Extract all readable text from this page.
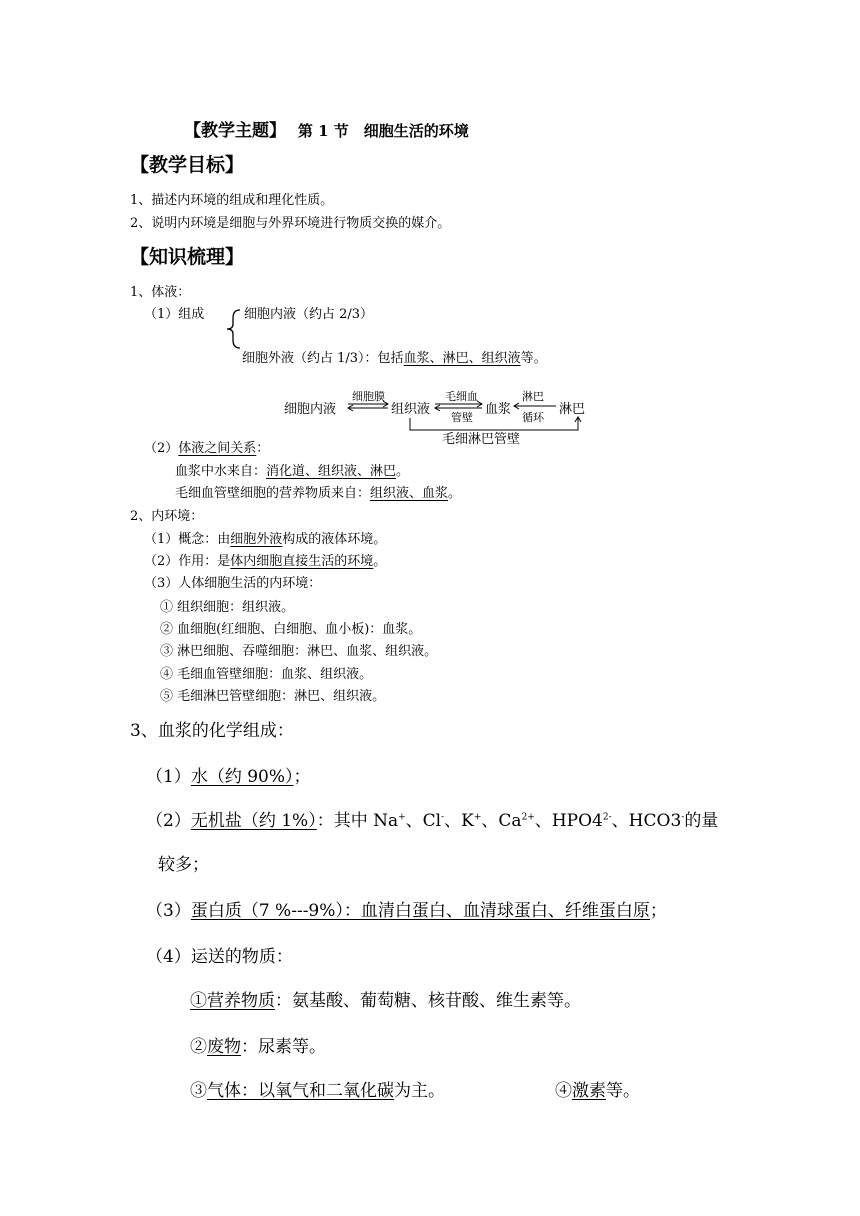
【教学主题】 第 1 节　细胞生活的环境
【教学目标】
1、描述内环境的组成和理化性质。
2、说明内环境是细胞与外界环境进行物质交换的媒介。
【知识梳理】
1、体液：
（1）组成	细胞内液（约占 2/3）
细胞外液（约占 1/3）：包括血浆、淋巴、组织液等。
细胞内液
细胞膜
组织液
毛细血
管壁
血浆
淋巴
循环
淋巴
毛细淋巴管壁
（2）体液之间关系：
血浆中水来自：消化道、组织液、淋巴。
毛细血管壁细胞的营养物质来自：组织液、血浆。
2、内环境：
（1）概念：由细胞外液构成的液体环境。
（2）作用：是体内细胞直接生活的环境。
（3）人体细胞生活的内环境：
① 组织细胞：组织液。
② 血细胞(红细胞、白细胞、血小板)：血浆。
③ 淋巴细胞、吞噬细胞：淋巴、血浆、组织液。
④ 毛细血管壁细胞：血浆、组织液。
⑤ 毛细淋巴管壁细胞：淋巴、组织液。
3、血浆的化学组成：
（1）水（约 90%）；
（2）无机盐（约 1%）：其中 Na+、Cl-、K+、$Ca^{2+}$、$HPO4^{2-}$、HCO3-的量
较多；
（3）蛋白质（7 %---9%）：血清白蛋白、血清球蛋白、纤维蛋白原；
（4）运送的物质：
①营养物质：氨基酸、葡萄糖、核苷酸、维生素等。
②废物：尿素等。
③气体：以氧气和二氧化碳为主。	④激素等。
